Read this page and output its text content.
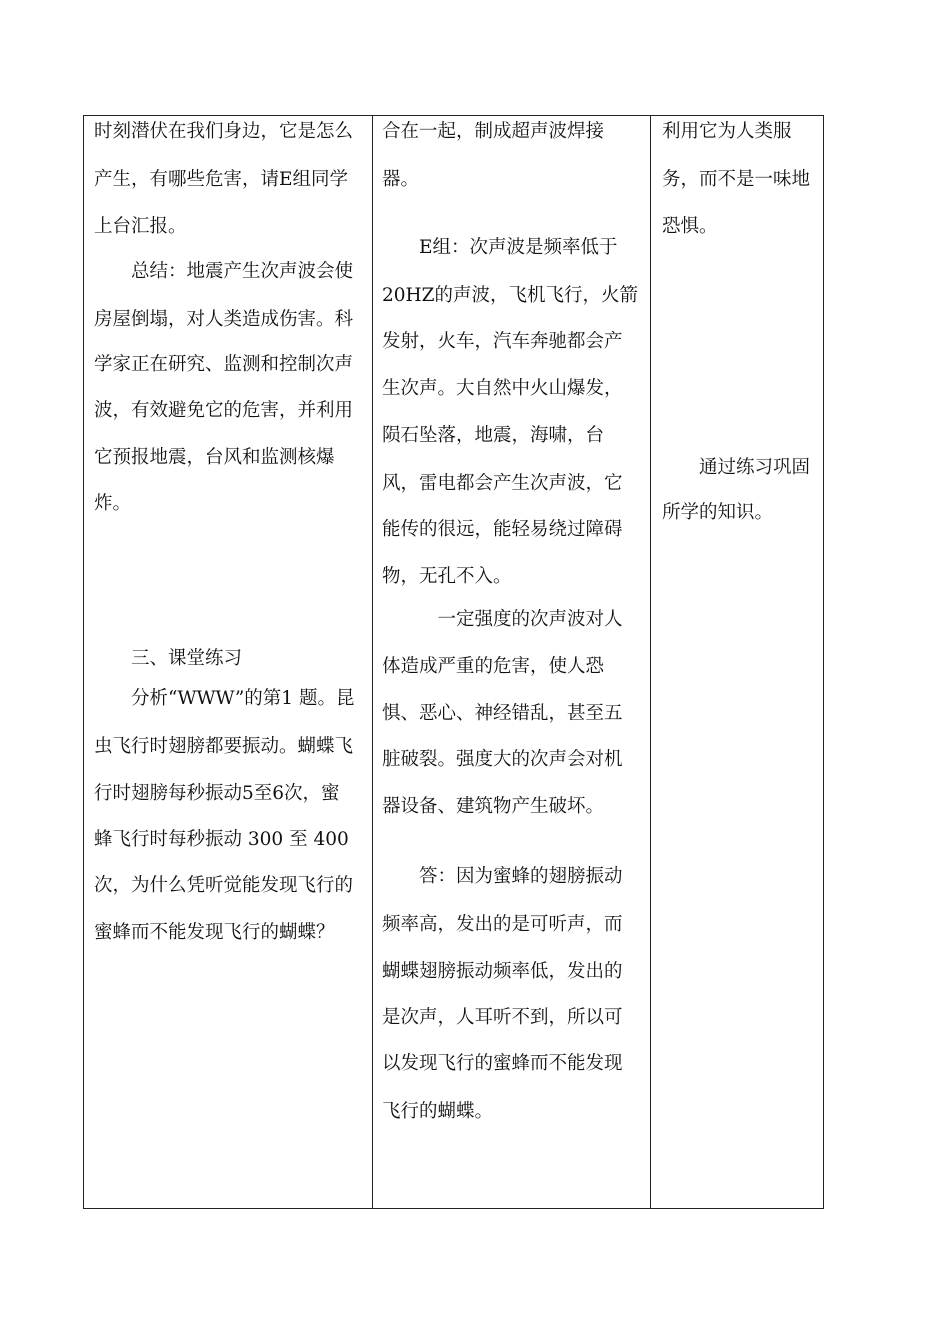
时刻潜伏在我们身边，它是怎么
产生，有哪些危害，请E组同学
上台汇报。
　　总结：地震产生次声波会使
房屋倒塌，对人类造成伤害。科
学家正在研究、监测和控制次声
波，有效避免它的危害，并利用
它预报地震，台风和监测核爆
炸。
　　三、课堂练习
　　分析“WWW”的第1 题。昆
虫飞行时翅膀都要振动。蝴蝶飞
行时翅膀每秒振动5至6次，蜜
蜂飞行时每秒振动 300 至 400
次，为什么凭听觉能发现飞行的
蜜蜂而不能发现飞行的蝴蝶？
合在一起，制成超声波焊接
器。
　　E组：次声波是频率低于
20HZ的声波，飞机飞行，火箭
发射，火车，汽车奔驰都会产
生次声。大自然中火山爆发，
陨石坠落，地震，海啸，台
风，雷电都会产生次声波，它
能传的很远，能轻易绕过障碍
物，无孔不入。
　　　一定强度的次声波对人
体造成严重的危害，使人恐
惧、恶心、神经错乱，甚至五
脏破裂。强度大的次声会对机
器设备、建筑物产生破坏。
　　答：因为蜜蜂的翅膀振动
频率高，发出的是可听声，而
蝴蝶翅膀振动频率低，发出的
是次声，人耳听不到，所以可
以发现飞行的蜜蜂而不能发现
飞行的蝴蝶。
利用它为人类服
务，而不是一味地
恐惧。
　　通过练习巩固
所学的知识。
